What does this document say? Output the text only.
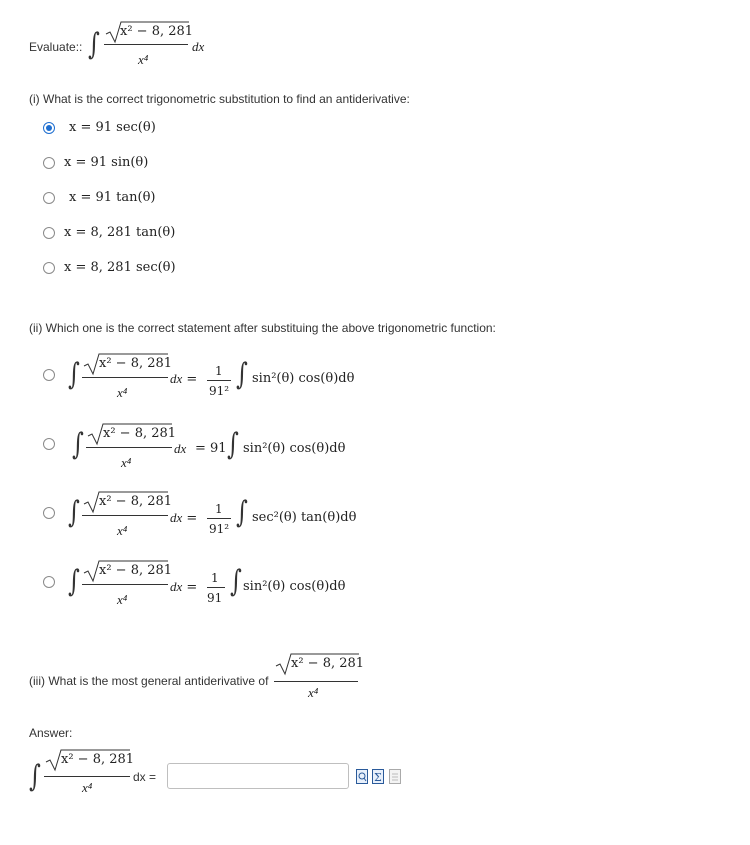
Evaluate:: ∫ x² − 8, 281
x⁴
dx
(i) What is the correct trigonometric substitution to find an antiderivative:
x = 91 sec(θ)
x = 91 sin(θ)
x = 91 tan(θ)
x = 8, 281 tan(θ)
x = 8, 281 sec(θ)
(ii) Which one is the correct statement after substituing the above trigonometric function:
∫ x² − 8, 281
x⁴
dx =
1
91² ∫ sin²(θ) cos(θ)dθ
∫ x² − 8, 281
x⁴
dx = 91 ∫ sin²(θ) cos(θ)dθ
∫ x² − 8, 281
x⁴
dx =
1
91² ∫ sec²(θ) tan(θ)dθ
∫ x² − 8, 281
x⁴
dx =
1
91 ∫ sin²(θ) cos(θ)dθ
(iii) What is the most general antiderivative of
x² − 8, 281
x⁴
Answer:
∫ x² − 8, 281
x⁴
dx =	Σ
